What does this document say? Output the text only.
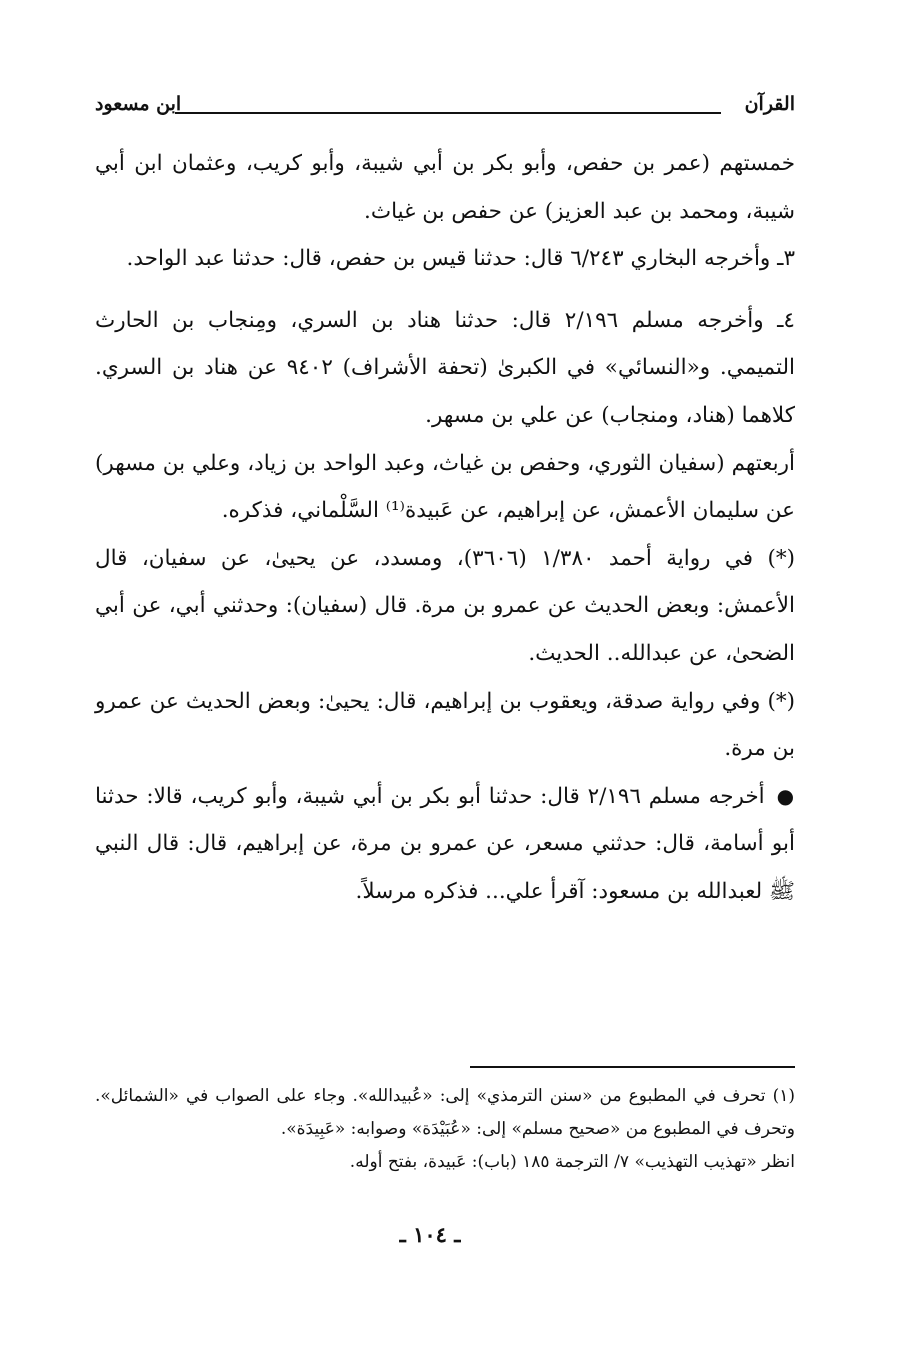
القرآن
ابن مسعود

خمستهم (عمر بن حفص، وأبو بكر بن أبي شيبة، وأبو كريب، وعثمان ابن أبي شيبة، ومحمد بن عبد العزيز) عن حفص بن غياث.

٣ـ وأخرجه البخاري ٦/٢٤٣ قال: حدثنا قيس بن حفص، قال: حدثنا عبد الواحد.

٤ـ وأخرجه مسلم ٢/١٩٦ قال: حدثنا هناد بن السري، ومِنجاب بن الحارث التميمي. و«النسائي» في الكبرىٰ (تحفة الأشراف) ٩٤٠٢ عن هناد بن السري. كلاهما (هناد، ومنجاب) عن علي بن مسهر.

أربعتهم (سفيان الثوري، وحفص بن غياث، وعبد الواحد بن زياد، وعلي بن مسهر) عن سليمان الأعمش، عن إبراهيم، عن عَبيدة⁽¹⁾ السَّلْماني، فذكره.

(*) في رواية أحمد ١/٣٨٠ (٣٦٠٦)، ومسدد، عن يحيىٰ، عن سفيان، قال الأعمش: وبعض الحديث عن عمرو بن مرة. قال (سفيان): وحدثني أبي، عن أبي الضحىٰ، عن عبدالله.. الحديث.

(*) وفي رواية صدقة، ويعقوب بن إبراهيم، قال: يحيىٰ: وبعض الحديث عن عمرو بن مرة.

●أخرجه مسلم ٢/١٩٦ قال: حدثنا أبو بكر بن أبي شيبة، وأبو كريب، قالا: حدثنا أبو أسامة، قال: حدثني مسعر، عن عمرو بن مرة، عن إبراهيم، قال: قال النبي ﷺ لعبدالله بن مسعود: آقرأ علي... فذكره مرسلاً.

(١) تحرف في المطبوع من «سنن الترمذي» إلى: «عُبيدالله». وجاء على الصواب في «الشمائل». وتحرف في المطبوع من «صحيح مسلم» إلى: «عُبَيْدَة» وصوابه: «عَبِيدَة».

انظر «تهذيب التهذيب» ٧/ الترجمة ١٨٥ (باب): عَبيدة، بفتح أوله.

ـ ١٠٤ ـ
